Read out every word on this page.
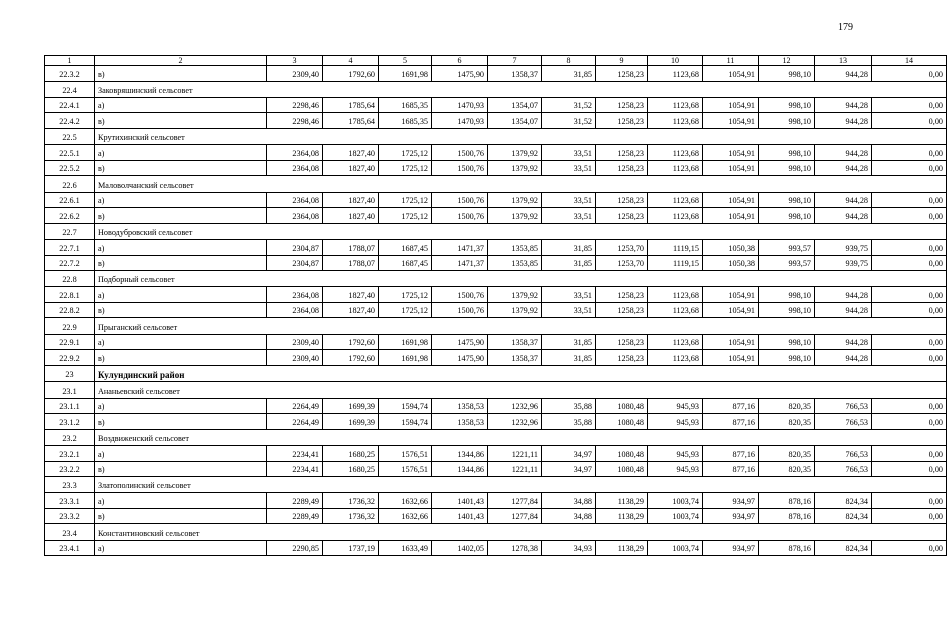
179
1	2	3	4	5	6	7	8	9	10	11	12	13	14
22.3.2	в)	2309,40	1792,60	1691,98	1475,90	1358,37	31,85	1258,23	1123,68	1054,91	998,10	944,28	0,00
22.4	Заковряшинский сельсовет												
22.4.1	а)	2298,46	1785,64	1685,35	1470,93	1354,07	31,52	1258,23	1123,68	1054,91	998,10	944,28	0,00
22.4.2	в)	2298,46	1785,64	1685,35	1470,93	1354,07	31,52	1258,23	1123,68	1054,91	998,10	944,28	0,00
22.5	Крутихинский сельсовет												
22.5.1	а)	2364,08	1827,40	1725,12	1500,76	1379,92	33,51	1258,23	1123,68	1054,91	998,10	944,28	0,00
22.5.2	в)	2364,08	1827,40	1725,12	1500,76	1379,92	33,51	1258,23	1123,68	1054,91	998,10	944,28	0,00
22.6	Маловолчанский сельсовет												
22.6.1	а)	2364,08	1827,40	1725,12	1500,76	1379,92	33,51	1258,23	1123,68	1054,91	998,10	944,28	0,00
22.6.2	в)	2364,08	1827,40	1725,12	1500,76	1379,92	33,51	1258,23	1123,68	1054,91	998,10	944,28	0,00
22.7	Новодубровский сельсовет												
22.7.1	а)	2304,87	1788,07	1687,45	1471,37	1353,85	31,85	1253,70	1119,15	1050,38	993,57	939,75	0,00
22.7.2	в)	2304,87	1788,07	1687,45	1471,37	1353,85	31,85	1253,70	1119,15	1050,38	993,57	939,75	0,00
22.8	Подборный сельсовет												
22.8.1	а)	2364,08	1827,40	1725,12	1500,76	1379,92	33,51	1258,23	1123,68	1054,91	998,10	944,28	0,00
22.8.2	в)	2364,08	1827,40	1725,12	1500,76	1379,92	33,51	1258,23	1123,68	1054,91	998,10	944,28	0,00
22.9	Прыганский сельсовет												
22.9.1	а)	2309,40	1792,60	1691,98	1475,90	1358,37	31,85	1258,23	1123,68	1054,91	998,10	944,28	0,00
22.9.2	в)	2309,40	1792,60	1691,98	1475,90	1358,37	31,85	1258,23	1123,68	1054,91	998,10	944,28	0,00
23	Кулундинский район												
23.1	Ананьевский сельсовет												
23.1.1	а)	2264,49	1699,39	1594,74	1358,53	1232,96	35,88	1080,48	945,93	877,16	820,35	766,53	0,00
23.1.2	в)	2264,49	1699,39	1594,74	1358,53	1232,96	35,88	1080,48	945,93	877,16	820,35	766,53	0,00
23.2	Воздвиженский сельсовет												
23.2.1	а)	2234,41	1680,25	1576,51	1344,86	1221,11	34,97	1080,48	945,93	877,16	820,35	766,53	0,00
23.2.2	в)	2234,41	1680,25	1576,51	1344,86	1221,11	34,97	1080,48	945,93	877,16	820,35	766,53	0,00
23.3	Златополинский сельсовет												
23.3.1	а)	2289,49	1736,32	1632,66	1401,43	1277,84	34,88	1138,29	1003,74	934,97	878,16	824,34	0,00
23.3.2	в)	2289,49	1736,32	1632,66	1401,43	1277,84	34,88	1138,29	1003,74	934,97	878,16	824,34	0,00
23.4	Константиновский сельсовет												
23.4.1	а)	2290,85	1737,19	1633,49	1402,05	1278,38	34,93	1138,29	1003,74	934,97	878,16	824,34	0,00
